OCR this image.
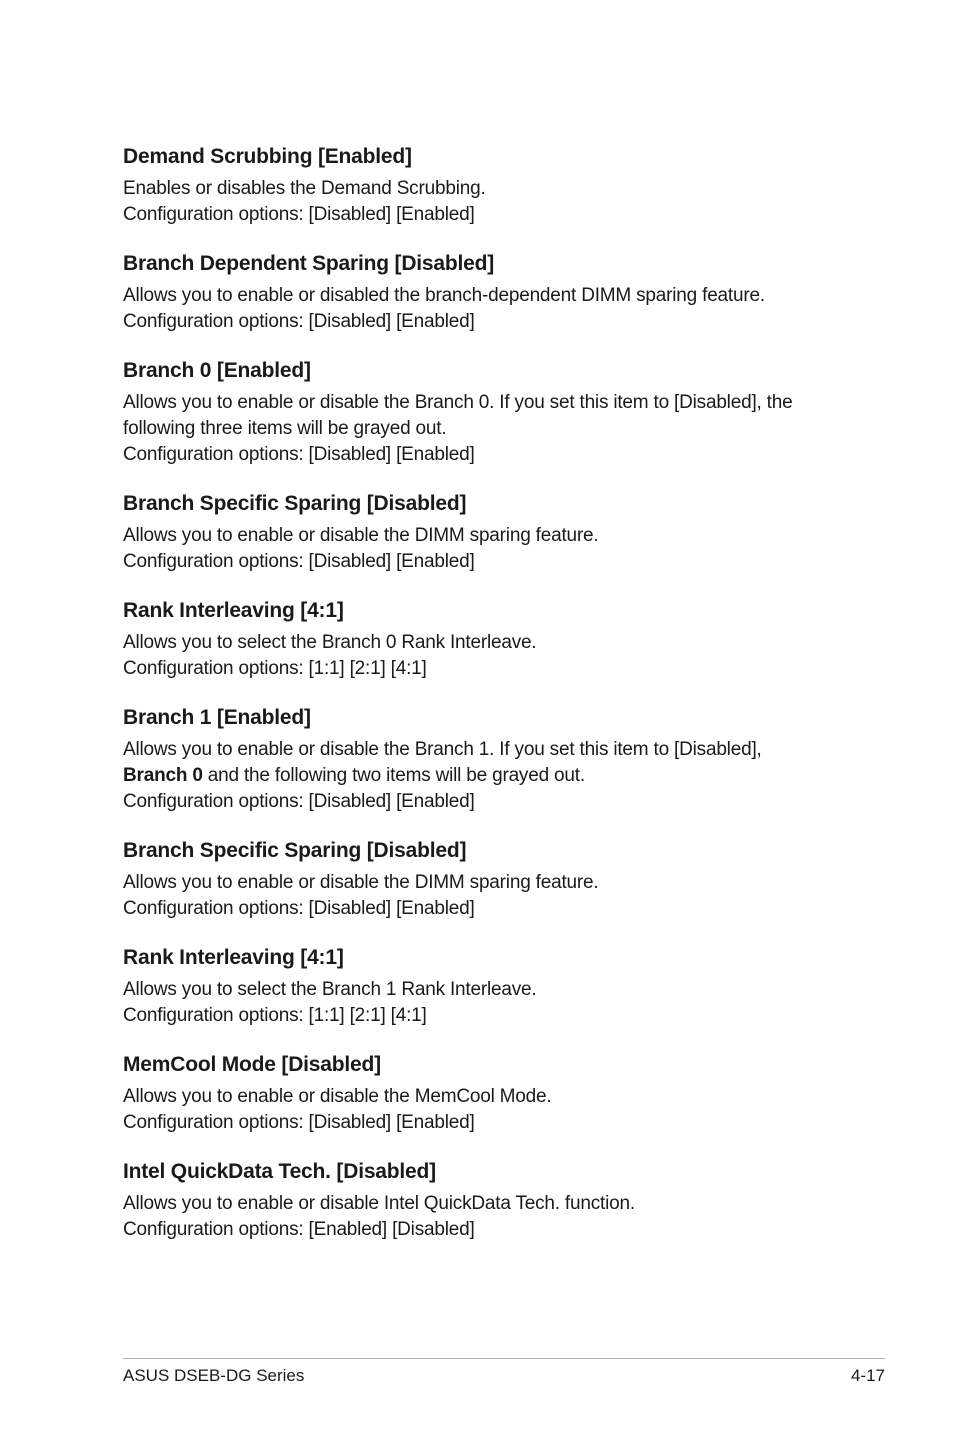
Demand Scrubbing [Enabled]

Enables or disables the Demand Scrubbing.

Configuration options: [Disabled] [Enabled]

Branch Dependent Sparing [Disabled]

Allows you to enable or disabled the branch-dependent DIMM sparing feature.

Configuration options: [Disabled] [Enabled]

Branch 0 [Enabled]

Allows you to enable or disable the Branch 0. If you set this item to [Disabled], the

following three items will be grayed out.

Configuration options: [Disabled] [Enabled]

Branch Specific Sparing [Disabled]

Allows you to enable or disable the DIMM sparing feature.

Configuration options: [Disabled] [Enabled]

Rank Interleaving [4:1]

Allows you to select the Branch 0 Rank Interleave.

Configuration options: [1:1] [2:1] [4:1]

Branch 1 [Enabled]

Allows you to enable or disable the Branch 1. If you set this item to [Disabled],

Branch 0 and the following two items will be grayed out.

Configuration options: [Disabled] [Enabled]

Branch Specific Sparing [Disabled]

Allows you to enable or disable the DIMM sparing feature.

Configuration options: [Disabled] [Enabled]

Rank Interleaving [4:1]

Allows you to select the Branch 1 Rank Interleave.

Configuration options: [1:1] [2:1] [4:1]

MemCool Mode [Disabled]

Allows you to enable or disable the MemCool Mode.

Configuration options: [Disabled] [Enabled]

Intel QuickData Tech. [Disabled]

Allows you to enable or disable Intel QuickData Tech. function.

Configuration options: [Enabled] [Disabled]

ASUS DSEB-DG Series	4-17
